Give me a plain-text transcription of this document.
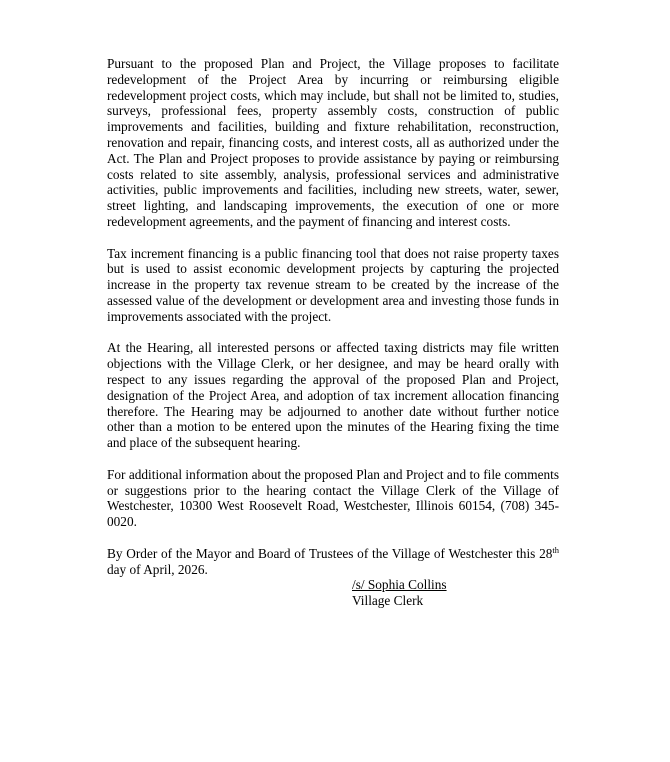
Pursuant to the proposed Plan and Project, the Village proposes to facilitate redevelopment of the Project Area by incurring or reimbursing eligible redevelopment project costs, which may include, but shall not be limited to, studies, surveys, professional fees, property assembly costs, construction of public improvements and facilities, building and fixture rehabilitation, reconstruction, renovation and repair, financing costs, and interest costs, all as authorized under the Act. The Plan and Project proposes to provide assistance by paying or reimbursing costs related to site assembly, analysis, professional services and administrative activities, public improvements and facilities, including new streets, water, sewer, street lighting, and landscaping improvements, the execution of one or more redevelopment agreements, and the payment of financing and interest costs.

Tax increment financing is a public financing tool that does not raise property taxes but is used to assist economic development projects by capturing the projected increase in the property tax revenue stream to be created by the increase of the assessed value of the development or development area and investing those funds in improvements associated with the project.

At the Hearing, all interested persons or affected taxing districts may file written objections with the Village Clerk, or her designee, and may be heard orally with respect to any issues regarding the approval of the proposed Plan and Project, designation of the Project Area, and adoption of tax increment allocation financing therefore. The Hearing may be adjourned to another date without further notice other than a motion to be entered upon the minutes of the Hearing fixing the time and place of the subsequent hearing.

For additional information about the proposed Plan and Project and to file comments or suggestions prior to the hearing contact the Village Clerk of the Village of Westchester, 10300 West Roosevelt Road, Westchester, Illinois 60154, (708) 345-0020.

By Order of the Mayor and Board of Trustees of the Village of Westchester this 28th day of April, 2026.

/s/ Sophia Collins
Village Clerk
